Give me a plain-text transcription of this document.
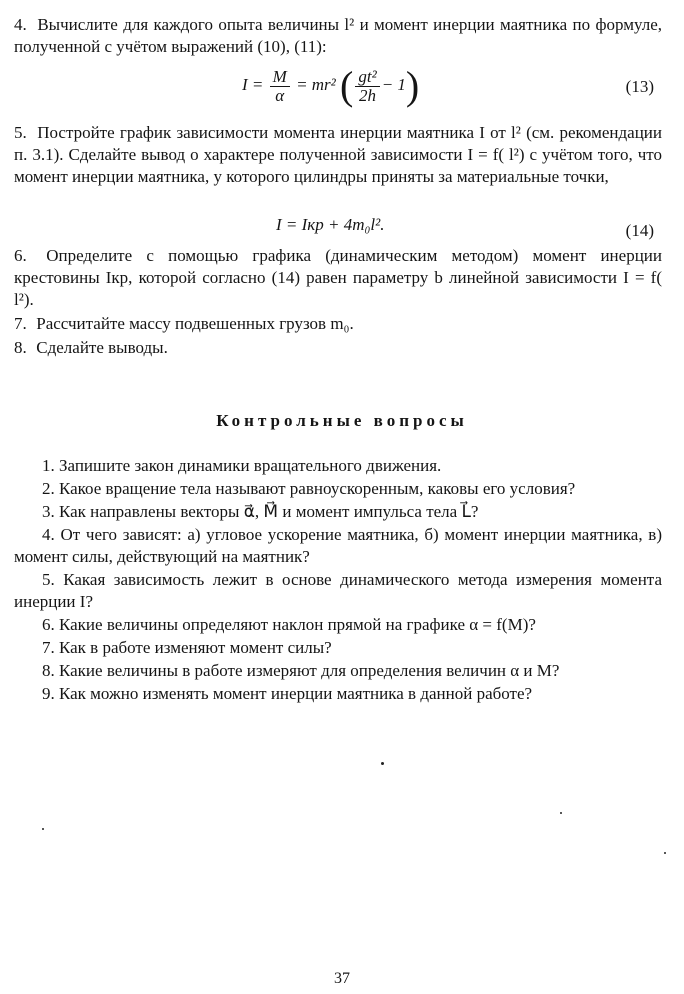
4. Вычислите для каждого опыта величины l² и момент инерции маятника по формуле, полученной с учётом выражений (10), (11):
$I = \frac{M}{\alpha} = mr^2$ ( $\frac{\text{gt²}}{2h} - 1$)	(13)
5. Постройте график зависимости момента инерции маятника I от l² (см. рекомендации п. 3.1). Сделайте вывод о характере полученной зависимости I = f( l²) с учётом того, что момент инерции маятника, у которого цилиндры приняты за материальные точки,
I = Iкр + 4m₀l².	(14)
6. Определите с помощью графика (динамическим методом) момент инерции крестовины Iкр, которой согласно (14) равен параметру b линейной зависимости I = f( l²).
7. Рассчитайте массу подвешенных грузов m₀.
8. Сделайте выводы.
Контрольные вопросы
1. Запишите закон динамики вращательного движения.
2. Какое вращение тела называют равноускоренным, каковы его условия?
3. Как направлены векторы α⃗, M⃗ и момент импульса тела L⃗?
4. От чего зависят: а) угловое ускорение маятника, б) момент инерции маятника, в) момент силы, действующий на маятник?
5. Какая зависимость лежит в основе динамического метода измерения момента инерции I?
6. Какие величины определяют наклон прямой на графике α = f(M)?
7. Как в работе изменяют момент силы?
8. Какие величины в работе измеряют для определения величин α и M?
9. Как можно изменять момент инерции маятника в данной работе?
37
